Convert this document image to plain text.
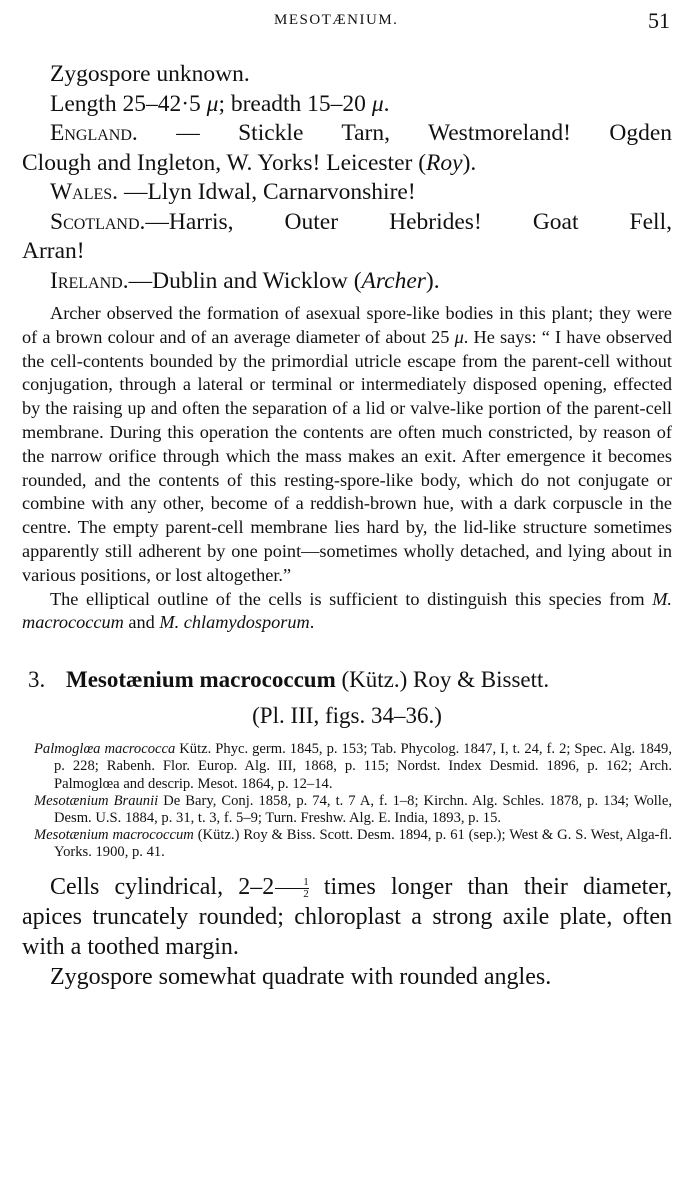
MESOTÆNIUM.	51

Zygospore unknown.

Length 25–42·5 μ; breadth 15–20 μ.

England. — Stickle Tarn, Westmoreland! Ogden

Clough and Ingleton, W. Yorks! Leicester (Roy).

Wales. —Llyn Idwal, Carnarvonshire!

Scotland.—Harris, Outer Hebrides! Goat Fell,

Arran!

Ireland.—Dublin and Wicklow (Archer).

Archer observed the formation of asexual spore-like bodies in this plant; they were of a brown colour and of an average diameter of about 25 μ. He says: “ I have observed the cell-contents bounded by the primordial utricle escape from the parent-cell without conjugation, through a lateral or terminal or intermediately disposed opening, effected by the raising up and often the separation of a lid or valve-like portion of the parent-cell membrane. During this operation the contents are often much constricted, by reason of the narrow orifice through which the mass makes an exit. After emergence it becomes rounded, and the contents of this resting-spore-like body, which do not conjugate or combine with any other, become of a reddish-brown hue, with a dark corpuscle in the centre. The empty parent-cell membrane lies hard by, the lid-like structure sometimes apparently still adherent by one point—sometimes wholly detached, and lying about in various positions, or lost altogether.”

The elliptical outline of the cells is sufficient to distinguish this species from M. macrococcum and M. chlamydosporum.

3. Mesotænium macrococcum (Kütz.) Roy & Bissett.
(Pl. III, figs. 34–36.)

Palmoglœa macrococca Kütz. Phyc. germ. 1845, p. 153; Tab. Phycolog. 1847, I, t. 24, f. 2; Spec. Alg. 1849, p. 228; Rabenh. Flor. Europ. Alg. III, 1868, p. 115; Nordst. Index Desmid. 1896, p. 162; Arch. Palmoglœa and descrip. Mesot. 1864, p. 12–14.

Mesotænium Braunii De Bary, Conj. 1858, p. 74, t. 7 A, f. 1–8; Kirchn. Alg. Schles. 1878, p. 134; Wolle, Desm. U.S. 1884, p. 31, t. 3, f. 5–9; Turn. Freshw. Alg. E. India, 1893, p. 15.

Mesotænium macrococcum (Kütz.) Roy & Biss. Scott. Desm. 1894, p. 61 (sep.); West & G. S. West, Alga-fl. Yorks. 1900, p. 41.

Cells cylindrical, $2-2 \frac{1}{2}$ times longer than their diameter, apices truncately rounded; chloroplast a strong axile plate, often with a toothed margin.

Zygospore somewhat quadrate with rounded angles.
